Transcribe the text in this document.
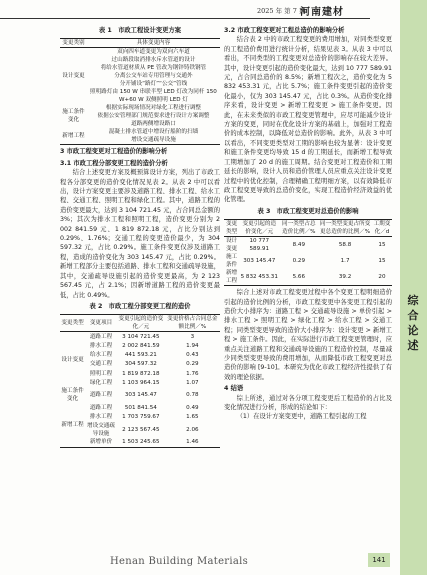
2025 年 第 7 期
河南建材
综
合
论
述
表 1　市政工程设计变更方案
变更类别	具体变更内容
设计变更	双向四车道变更为双向六车道
	过山路段取消排水斥水管道的设计
	将给水管道材质从 PE 管改为钢锌铸铁钢管
	分离公交车站专用管理与交通外
	分开铺设“路灯”“公交”管线
	照明路灯由 150 W 串联半型 LED 灯改为同杆 150 W+60 W 双侧照明 LED 灯
施工条件变化	根据实际现场情况对绿化工程进行调整
	依据公安管理部门规范要求进行设计方案调整
	道路两侧增设路口
新增工程	混凝土排水管道中增设行船阶的扫墙
	增设交通疏导设施
3 市政工程变更对工程造价的影响分析
3.1 市政工程分部变更工程的造价分析

结合上述变更方案及概预算设计方案，列出了市政工程各分部变更的造价变化情况见表 2。从表 2 中可以看出，设计方案变更主要涉及道路工程、排水工程、给水工程、交通工程、照明工程和绿化工程。其中，道路工程的造价变更最大，达到 3 104 721.45 元，占合同总金额的 3%；其次为排水工程和照明工程，造价变更分别为 2 002 841.59 元、1 819 872.18 元，占比分别达到 0.29%、1.76%；交通工程的变更造价最少，为 304 597.32 元，占比 0.29%。施工条件变更仅涉及道路工程，造成的造价变化为 303 145.47 元，占比 0.29%。新增工程部分主要包括道路、排水工程和交通疏导设施，其中，交通疏导设施引起的造价变更最高，为 2 123 567.45 元，占 2.1%；因新增道路工程的造价变更最低，占比 0.49%。

表 2　市政工程分部变更工程的造价
变更类型	变更项目	变更引起的造价变化／元	变更价格占合同总金额比例／%
设计变更	道路工程	3 104 721.45	3
	排水工程	2 002 841.59	1.94
	给水工程	441 593.21	0.43
	交通工程	304 597.32	0.29
	照明工程	1 819 872.18	1.76
	绿化工程	1 103 964.15	1.07
施工条件变化	道路工程	303 145.47	0.78
新增工程	道路工程	501 841.54	0.49
	排水工程	1 703 759.67	1.65
	增设交通疏导设施	2 123 567.45	2.06
	新增单价	1 503 245.65	1.46
3.2 市政工程变更对工程总造价的影响分析

结合表 2 中的市政工程变更的费用增加，对同类型变更的工程造价费用进行统计分析，结果见表 3。从表 3 中可以看出，不同类型的工程变更对总造价的影响存在较大差异。其中，设计变更引起的造价变化最大，达到 10 777 589.91 元，占合同总造价的 8.5%；新增工程次之，造价变化为 5 832 453.31 元，占比 5.7%；施工条件变更引起的造价变化最小，仅为 303 145.47 元，占比 0.3%。从造价变化排序来看，设计变更 > 新增工程变更 > 施工条件变更。因此，在未来类似的市政工程变更管理中，应尽可能减少设计方案的变更，同时在优化设计方案的基础上，加强对工程造价的成本控制，以降低对总造价的影响。此外，从表 3 中可以看出，不同变更类型对工期的影响也较为显著：设计变更和施工条件变更均导致 15 d 的工期延长，而新增工程导致工期增加了 20 d 的施工周期。结合变更对工程造价和工期延长的影响，设计人员和造价管理人员应重点关注设计变更过程中的优化控制，合理精确工程明细方案，以有效降低市政工程变更导致的总造价变化，实现工程造价经济效益的优化管理。

表 3　市政工程变更对总造价的影响
变更类型	变更引起的造价变化／元	同一类型占总造价比例／%	同一类型变更占所变更总造价的比例／%	工期变化／d
设计变更	10 777 589.91	8.49	58.8	15
施工条件	303 145.47	0.29	1.7	15
新增工程	5 832 453.31	5.66	39.2	20

综合上述对市政工程变更过程中各个变更工程明细造价引起的造价比例的分析，市政工程变更中各变更工程引起的造价大小排序为：道路工程 > 交通疏导设施 > 单价引起 > 排水工程 > 照明工程 > 绿化工程 > 给水工程 > 交通工程；同类型变更导致的造价大小排序为：设计变更 > 新增工程 > 施工条件。因此，在实际进行市政工程变更管理时，应重点关注道路工程和交通疏导设施的工程造价控制，尽量减少同类型变更导致的费用增加，从而降低市政工程变更对总造价的影响 [9-10]。本研究为优化市政工程经济性提供了有效的理论依据。

4 结语

综上所述，通过对各分项工程变更后工程造价的占比及变化情况进行分析，形成的结论如下：

（1）在设计方案变更中，道路工程引起的工程

Henan Building Materials	141
